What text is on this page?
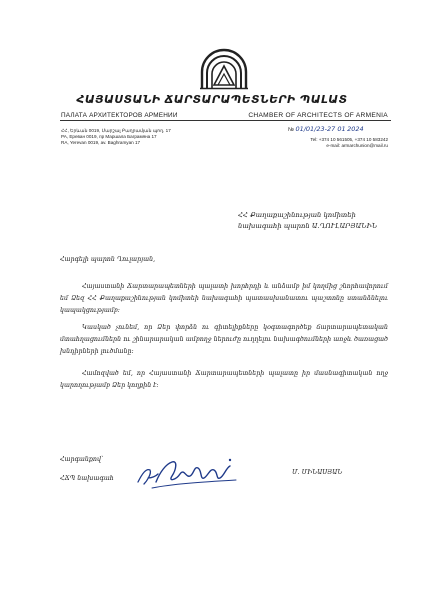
ՀԱՅԱՍՏԱՆԻ ՃԱՐՏԱՐԱՊԵՏՆԵՐԻ ՊԱԼԱՏ
ПАЛАТА АРХИТЕКТОРОВ АРМЕНИИ	CHAMBER OF ARCHITECTS OF ARMENIA
ՀՀ, Երևան 0019, Մարշալ Բաղրամյան պող. 17
РА, Ереван 0019, пр Маршала Баграмяна 17
RA, Yerevan 0019, av. Baghramyan 17
№ 01/01/23-27 01 2024
Tel: +374 10 561505, +374 10 583242
e-mail: armarchunion@mail.ru
ՀՀ Քաղաքաշինության կոմիտեի
նախագահի պարոն Ա.ՂՈՒԼԱՐՅԱՆԻՆ
Հարգելի պարոն Ղուլարյան,
Հայաստանի Ճարտարապետների պալատի խորհրդի և անձամբ իմ կողմից շնորհավորում եմ Ձեզ ՀՀ Քաղաքաշինության կոմիտեի նախագահի պատասխանատու պաշտոնը ստանձնելու կապակցությամբ:
Կասկած չունեմ, որ Ձեր փորձն ու գիտելիքները կօգտագործեք ճարտարապետական մտահղացումներն ու շինարարական ամբողջ ներուժը ուղղելու նախագծումների առջև ծառացած խնդիրների լուծմանը:
Համոզված եմ, որ Հայաստանի Ճարտարապետների պալատը իր մասնագիտական ողջ կարողությամբ Ձեր կողքին է:
Հարգանքով՝
ՀՃՊ նախագահ
Մ. ՄԻՆԱՍՅԱՆ
